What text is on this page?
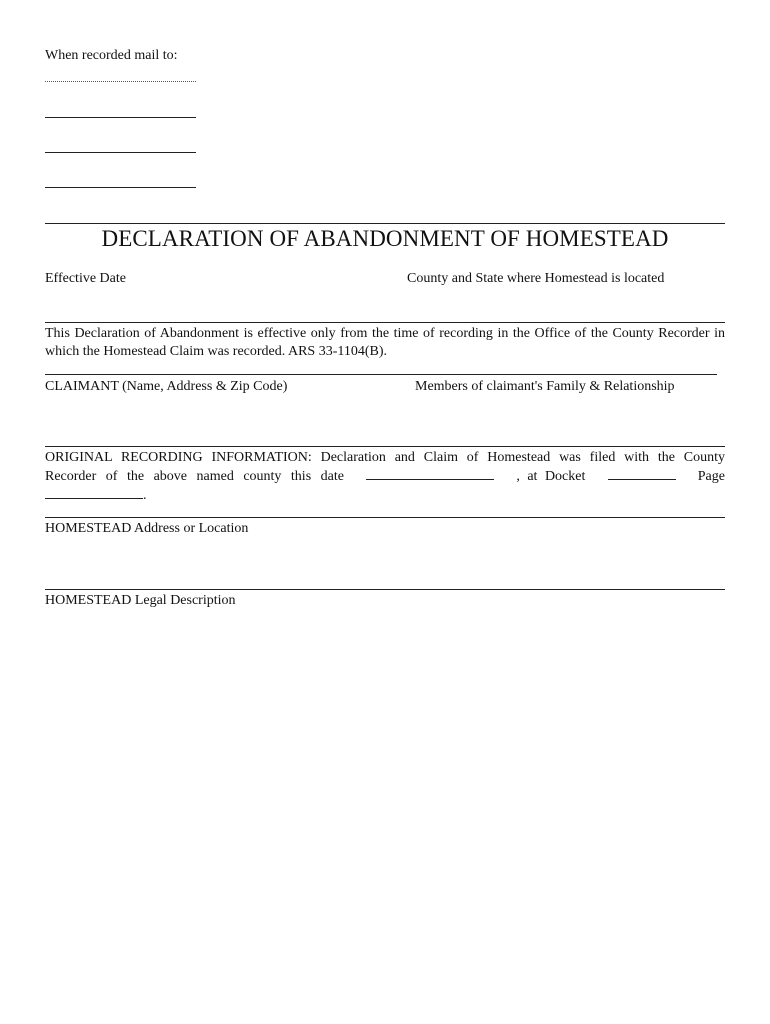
When recorded mail to:
DECLARATION OF ABANDONMENT OF HOMESTEAD
Effective Date	County and State where Homestead is located
This Declaration of Abandonment is effective only from the time of recording in the Office of the County Recorder in which the Homestead Claim was recorded. ARS 33-1104(B).
CLAIMANT (Name, Address & Zip Code)	Members of claimant's Family & Relationship
ORIGINAL RECORDING INFORMATION: Declaration and Claim of Homestead was filed with the County
Recorder of the above named county this date	, at Docket	Page
.
HOMESTEAD Address or Location
HOMESTEAD Legal Description
